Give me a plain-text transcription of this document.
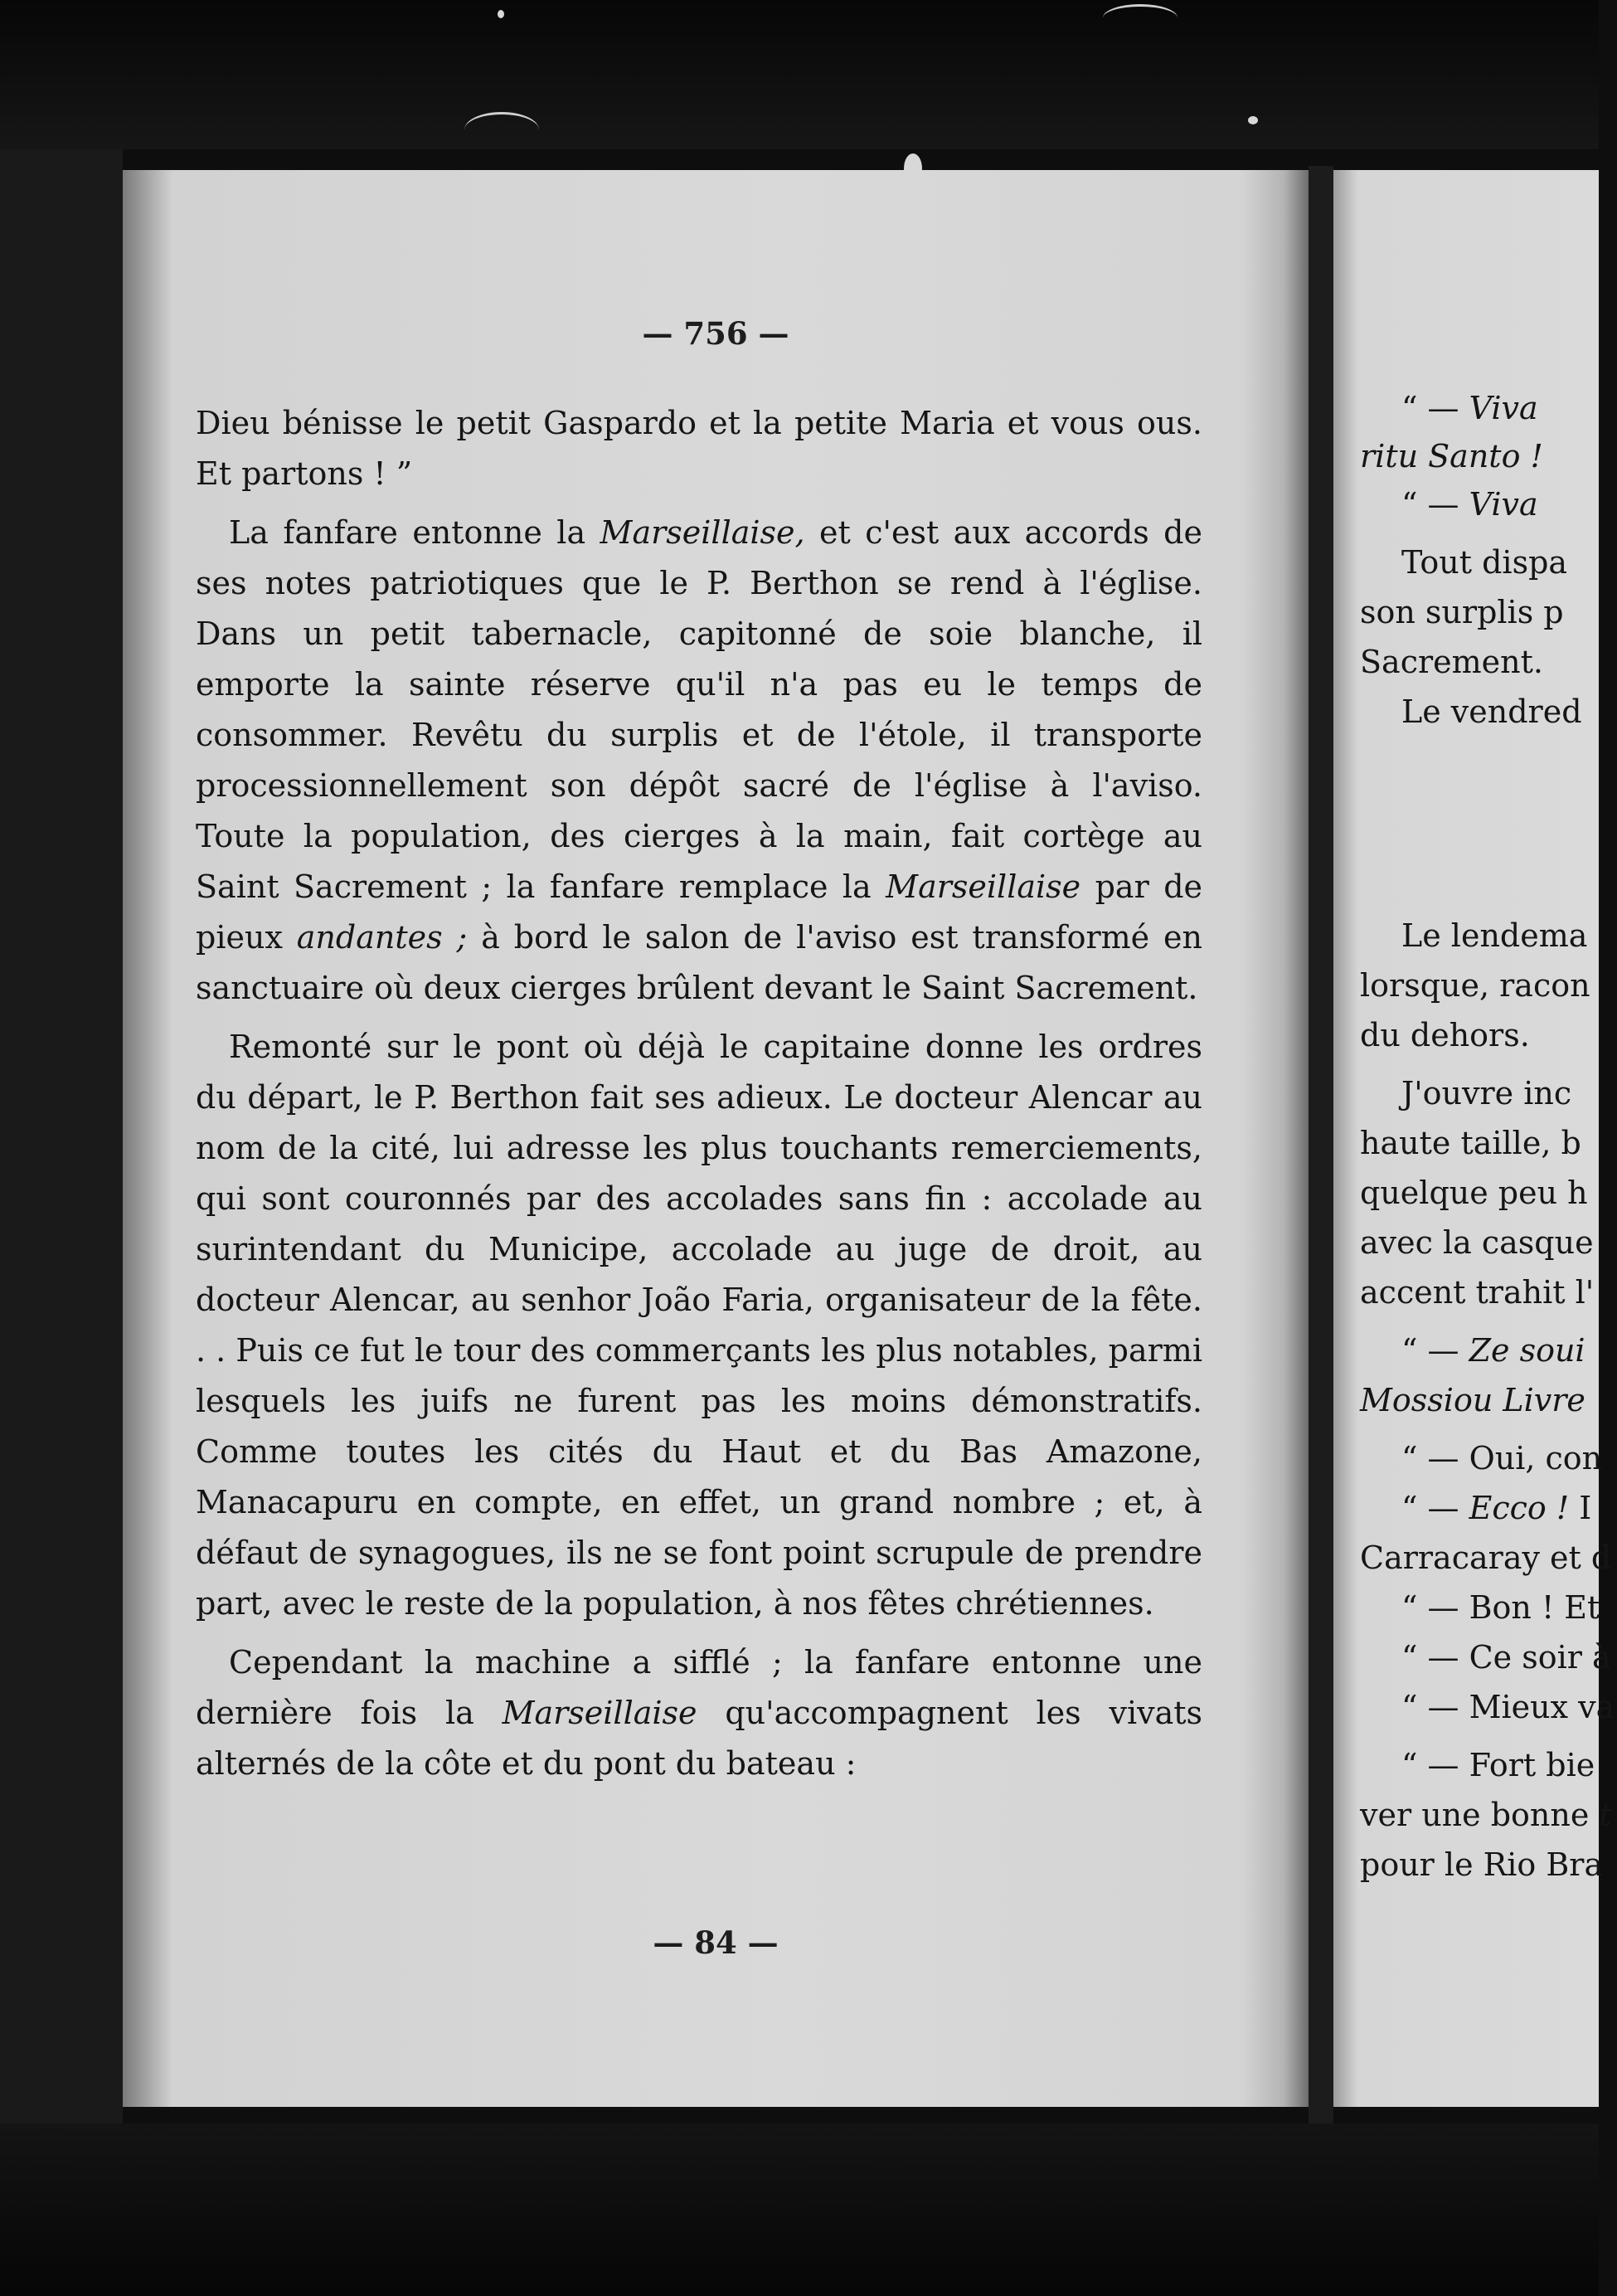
— 756 —
— 84 —

Dieu bénisse le petit Gaspardo et la petite Maria et vous ous. Et partons ! ”

La fanfare entonne la Marseillaise, et c'est aux accords de ses notes patriotiques que le P. Berthon se rend à l'église. Dans un petit tabernacle, capitonné de soie blanche, il emporte la sainte réserve qu'il n'a pas eu le temps de consommer. Revêtu du surplis et de l'étole, il transporte processionnellement son dépôt sacré de l'église à l'aviso. Toute la population, des cierges à la main, fait cortège au Saint Sacrement ; la fanfare remplace la Marseillaise par de pieux andantes ; à bord le salon de l'aviso est transformé en sanctuaire où deux cierges brûlent devant le Saint Sacrement.

Remonté sur le pont où déjà le capitaine donne les ordres du départ, le P. Berthon fait ses adieux. Le docteur Alencar au nom de la cité, lui adresse les plus touchants remerciements, qui sont couronnés par des accolades sans fin : accolade au surintendant du Municipe, accolade au juge de droit, au docteur Alencar, au senhor João Faria, organisateur de la fête. . . Puis ce fut le tour des commerçants les plus notables, parmi lesquels les juifs ne furent pas les moins démonstratifs. Comme toutes les cités du Haut et du Bas Amazone, Manacapuru en compte, en effet, un grand nombre ; et, à défaut de synagogues, ils ne se font point scrupule de prendre part, avec le reste de la population, à nos fêtes chrétiennes.

Cependant la machine a sifflé ; la fanfare entonne une dernière fois la Marseillaise qu'accompagnent les vivats alternés de la côte et du pont du bateau :

“ — Viva
ritu Santo !
“ — Viva
Tout dispa
son surplis p
Sacrement.
Le vendred
Le lendema
lorsque, racon
du dehors.
J'ouvre inc
haute taille, b
quelque peu h
avec la casque
accent trahit l'
“ — Ze soui
Mossiou Livre
“ — Oui, con
“ — Ecco ! I
Carracaray et d
“ — Bon ! Et
“ — Ce soir à
“ — Mieux va
“ — Fort bie
ver une bonne t
pour le Rio Bra
